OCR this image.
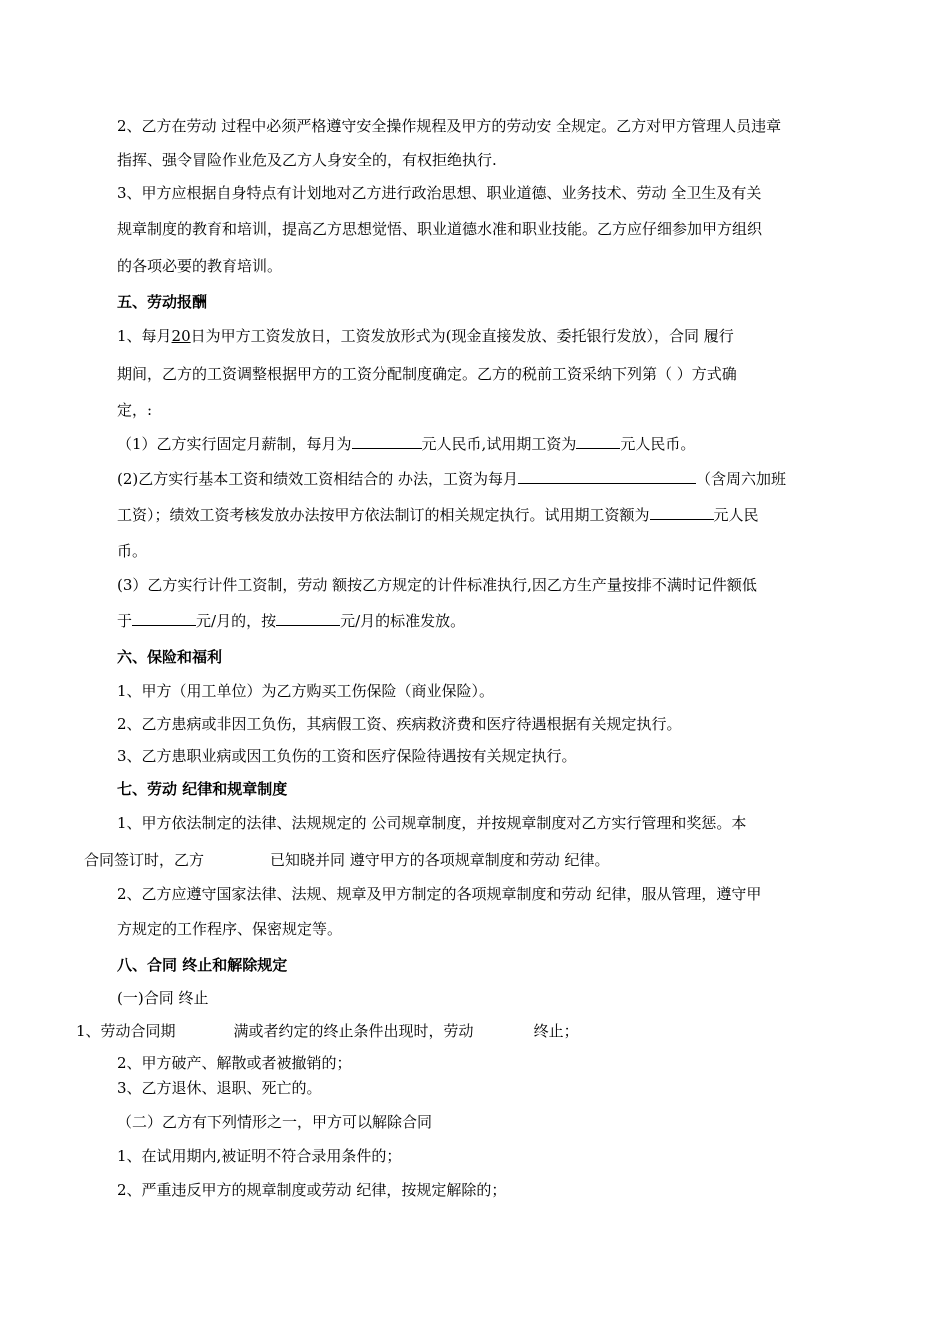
2、乙方在劳动 过程中必须严格遵守安全操作规程及甲方的劳动安 全规定。乙方对甲方管理人员违章
指挥、强令冒险作业危及乙方人身安全的，有权拒绝执行.
3、甲方应根据自身特点有计划地对乙方进行政治思想、职业道德、业务技术、劳动 全卫生及有关
规章制度的教育和培训，提高乙方思想觉悟、职业道德水准和职业技能。乙方应仔细参加甲方组织
的各项必要的教育培训。
五、劳动报酬
1、每月20日为甲方工资发放日，工资发放形式为(现金直接发放、委托银行发放），合同 履行
期间，乙方的工资调整根据甲方的工资分配制度确定。乙方的税前工资采纳下列第（ ）方式确
定，:
（1）乙方实行固定月薪制，每月为	元人民币,试用期工资为	元人民币。
(2)乙方实行基本工资和绩效工资相结合的 办法，工资为每月	（含周六加班
工资）；绩效工资考核发放办法按甲方依法制订的相关规定执行。试用期工资额为	元人民
币。
(3）乙方实行计件工资制，劳动 额按乙方规定的计件标准执行,因乙方生产量按排不满时记件额低
于	元/月的，按	元/月的标准发放。
六、保险和福利
1、甲方（用工单位）为乙方购买工伤保险（商业保险）。
2、乙方患病或非因工负伤，其病假工资、疾病救济费和医疗待遇根据有关规定执行。
3、乙方患职业病或因工负伤的工资和医疗保险待遇按有关规定执行。
七、劳动 纪律和规章制度
1、甲方依法制定的法律、法规规定的 公司规章制度，并按规章制度对乙方实行管理和奖惩。本
合同签订时，乙方	已知晓并同 遵守甲方的各项规章制度和劳动 纪律。
2、乙方应遵守国家法律、法规、规章及甲方制定的各项规章制度和劳动 纪律，服从管理，遵守甲
方规定的工作程序、保密规定等。
八、合同 终止和解除规定
(一)合同 终止
1、劳动合同期	满或者约定的终止条件出现时，劳动	终止；
2、甲方破产、解散或者被撤销的；
3、乙方退休、退职、死亡的。
（二）乙方有下列情形之一，甲方可以解除合同
1、在试用期内,被证明不符合录用条件的；
2、严重违反甲方的规章制度或劳动 纪律，按规定解除的；
